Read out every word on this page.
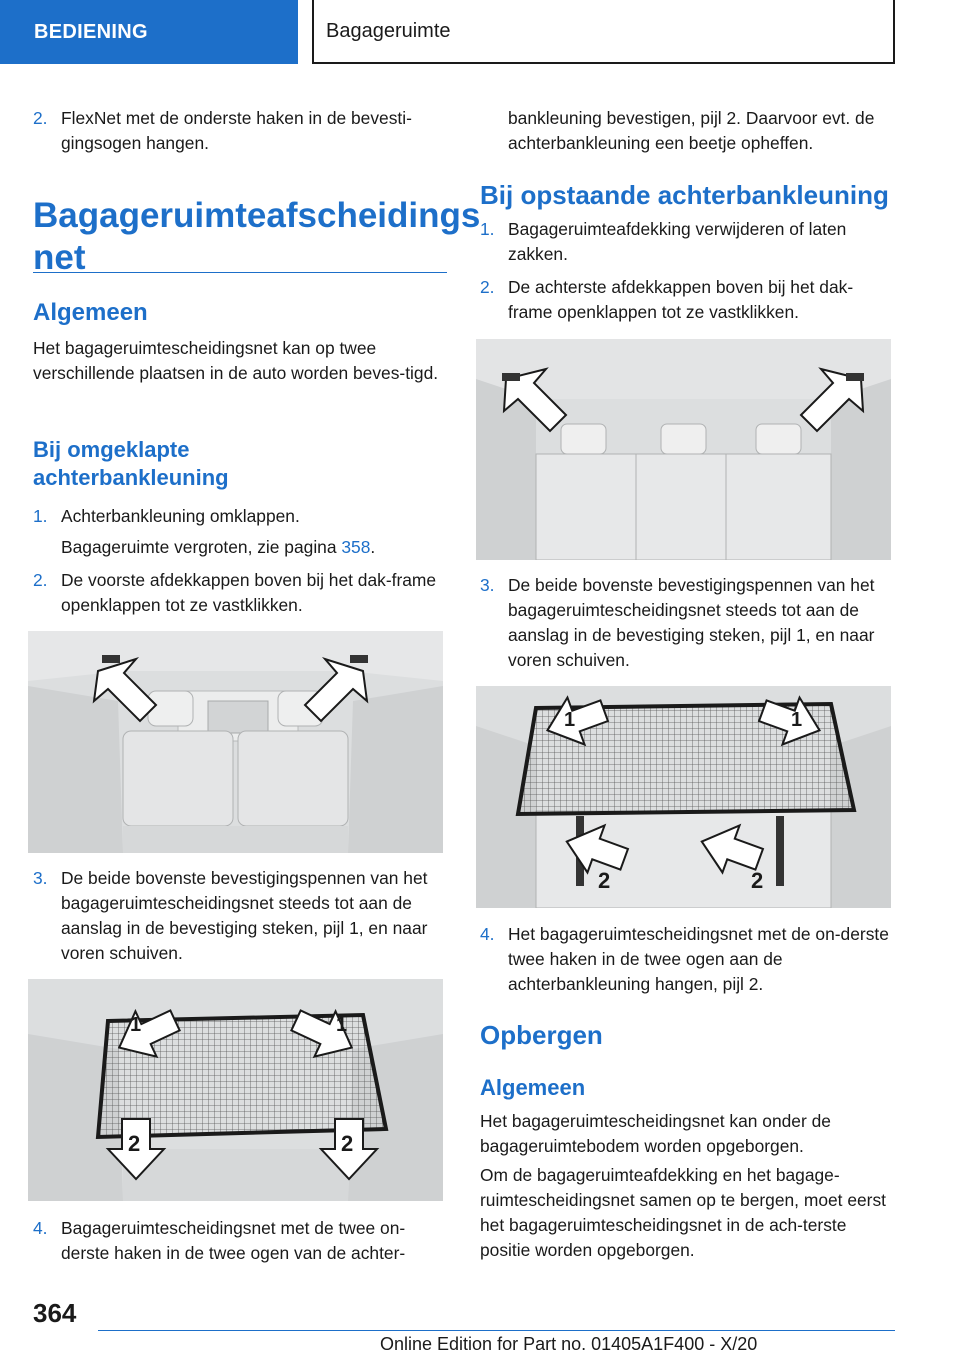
BEDIENING	Bagageruimte
2. FlexNet met de onderste haken in de bevesti-gingsogen hangen.
Bagageruimteafscheidings
net
Algemeen
Het bagageruimtescheidingsnet kan op twee verschillende plaatsen in de auto worden beves-tigd.
Bij omgeklapte
achterbankleuning
1. Achterbankleuning omklappen.
Bagageruimte vergroten, zie pagina 358.
2. De voorste afdekkappen boven bij het dak-frame openklappen tot ze vastklikken.
3. De beide bovenste bevestigingspennen van het bagageruimtescheidingsnet steeds tot aan de aanslag in de bevestiging steken, pijl 1, en naar voren schuiven.
1	1
2	2
4. Bagageruimtescheidingsnet met de twee on-derste haken in de twee ogen van de achter-
bankleuning bevestigen, pijl 2. Daarvoor evt. de achterbankleuning een beetje opheffen.
Bij opstaande achterbankleuning
1. Bagageruimteafdekking verwijderen of laten zakken.
2. De achterste afdekkappen boven bij het dak-frame openklappen tot ze vastklikken.
3. De beide bovenste bevestigingspennen van het bagageruimtescheidingsnet steeds tot aan de aanslag in de bevestiging steken, pijl 1, en naar voren schuiven.
1	1
2	2
4. Het bagageruimtescheidingsnet met de on-derste twee haken in de twee ogen aan de achterbankleuning hangen, pijl 2.
Opbergen
Algemeen
Het bagageruimtescheidingsnet kan onder de bagageruimtebodem worden opgeborgen.
Om de bagageruimteafdekking en het bagage-ruimtescheidingsnet samen op te bergen, moet eerst het bagageruimtescheidingsnet in de ach-terste positie worden opgeborgen.
364
Online Edition for Part no. 01405A1F400 - X/20
